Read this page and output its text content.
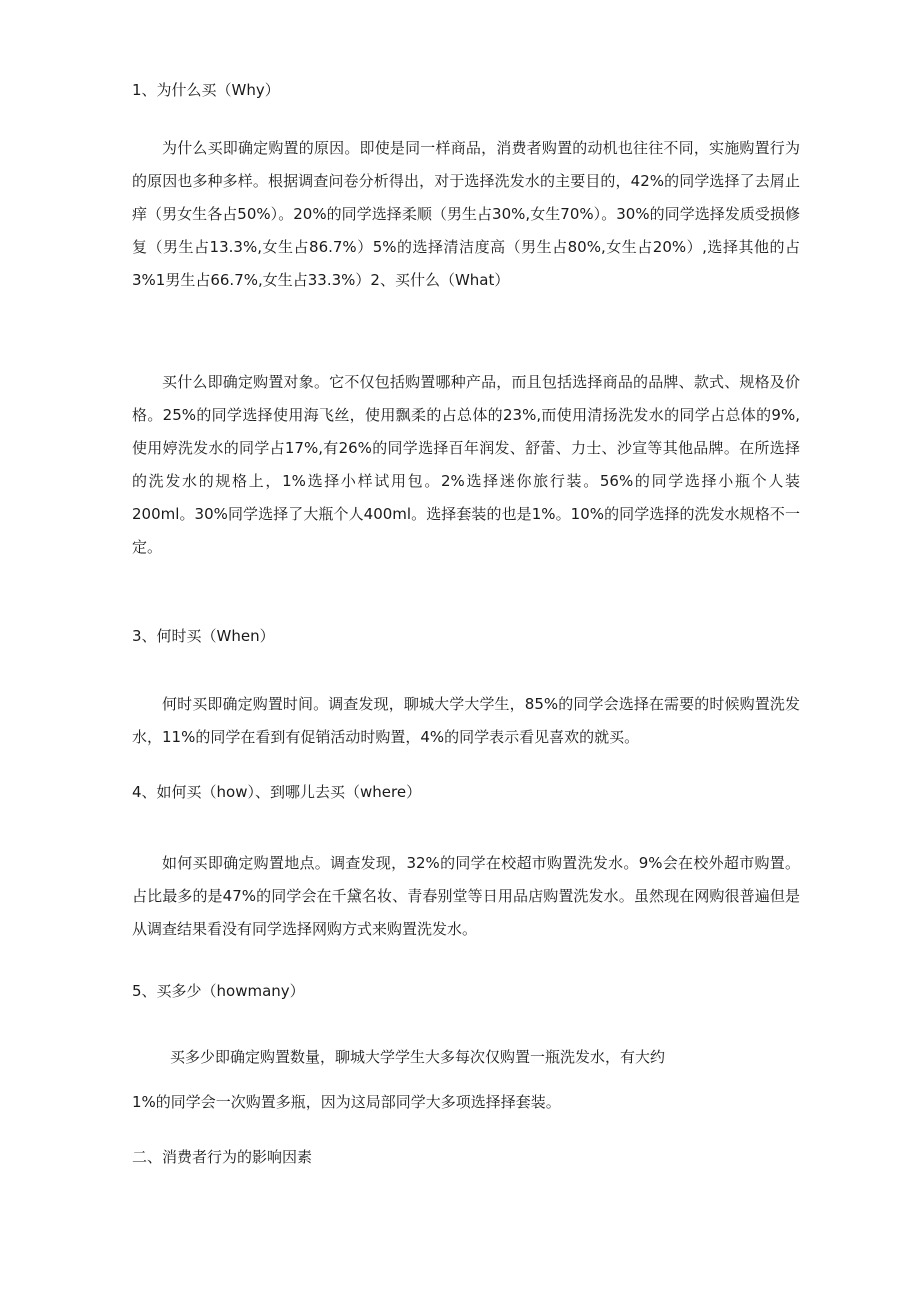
1、为什么买（Why）
为什么买即确定购置的原因。即使是同一样商品，消费者购置的动机也往往不同，实施购置行为的原因也多种多样。根据调查问卷分析得出，对于选择洗发水的主要目的，42%的同学选择了去屑止痒（男女生各占50%）。20%的同学选择柔顺（男生占30%,女生70%）。30%的同学选择发质受损修复（男生占13.3%,女生占86.7%）5%的选择清洁度高（男生占80%,女生占20%）,选择其他的占3%1男生占66.7%,女生占33.3%）2、买什么（What）
买什么即确定购置对象。它不仅包括购置哪种产品，而且包括选择商品的品牌、款式、规格及价格。25%的同学选择使用海飞丝，使用飘柔的占总体的23%,而使用清扬洗发水的同学占总体的9%,使用婷洗发水的同学占17%,有26%的同学选择百年润发、舒蕾、力士、沙宣等其他品牌。在所选择的洗发水的规格上，1%选择小样试用包。2%选择迷你旅行装。56%的同学选择小瓶个人装200ml。30%同学选择了大瓶个人400ml。选择套装的也是1%。10%的同学选择的洗发水规格不一定。
3、何时买（When）
何时买即确定购置时间。调查发现，聊城大学大学生，85%的同学会选择在需要的时候购置洗发水，11%的同学在看到有促销活动时购置，4%的同学表示看见喜欢的就买。
4、如何买（how）、到哪儿去买（where）
如何买即确定购置地点。调查发现，32%的同学在校超市购置洗发水。9%会在校外超市购置。占比最多的是47%的同学会在千黛名妆、青春别堂等日用品店购置洗发水。虽然现在网购很普遍但是从调查结果看没有同学选择网购方式来购置洗发水。
5、买多少（howmany）
买多少即确定购置数量，聊城大学学生大多每次仅购置一瓶洗发水，有大约
1%的同学会一次购置多瓶，因为这局部同学大多项选择择套装。
二、消费者行为的影响因素
